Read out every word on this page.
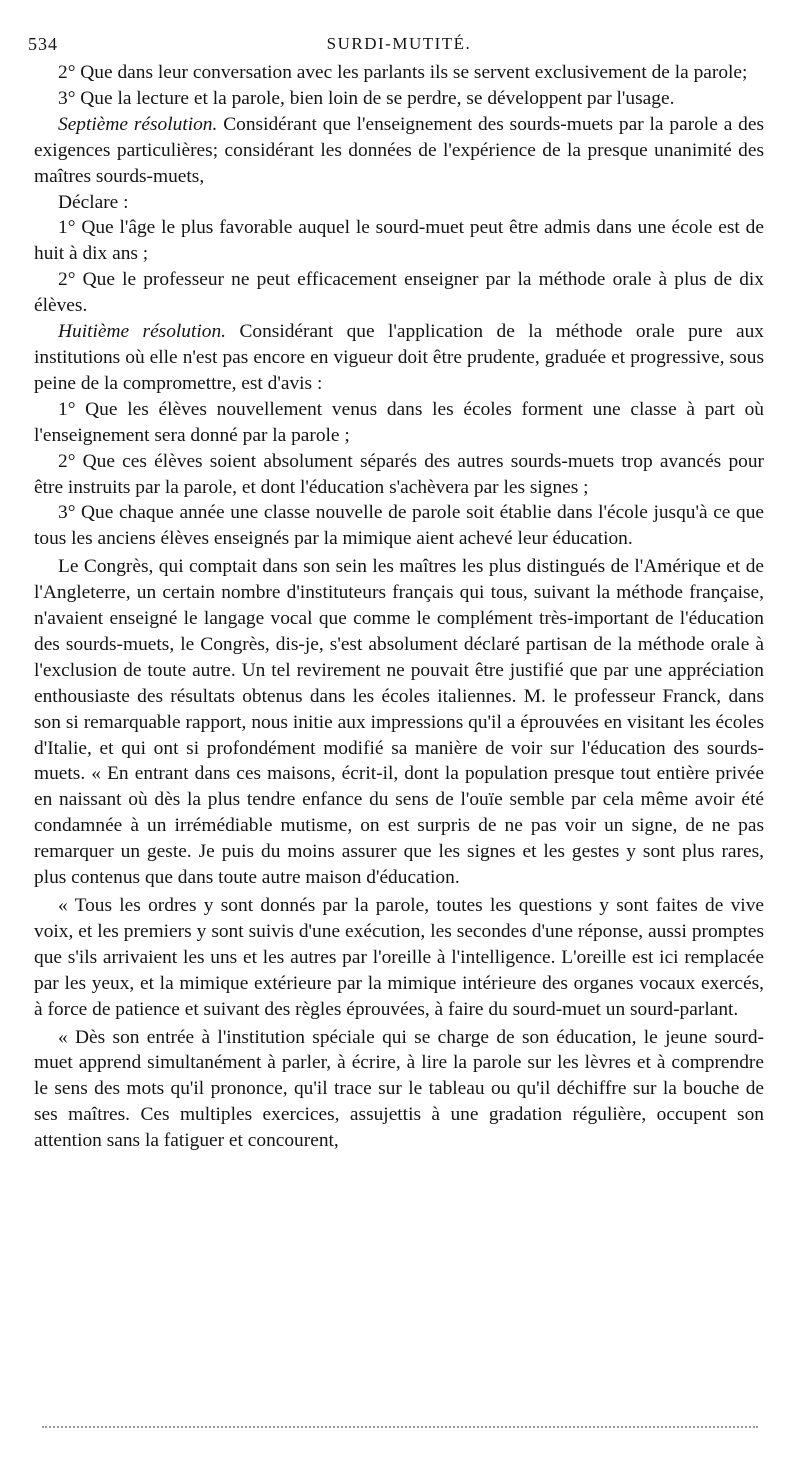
534	SURDI-MUTITÉ.

2° Que dans leur conversation avec les parlants ils se servent exclusivement de la parole;

3° Que la lecture et la parole, bien loin de se perdre, se développent par l'usage.

Septième résolution. Considérant que l'enseignement des sourds-muets par la parole a des exigences particulières; considérant les données de l'expérience de la presque unanimité des maîtres sourds-muets,

Déclare :

1° Que l'âge le plus favorable auquel le sourd-muet peut être admis dans une école est de huit à dix ans ;

2° Que le professeur ne peut efficacement enseigner par la méthode orale à plus de dix élèves.

Huitième résolution. Considérant que l'application de la méthode orale pure aux institutions où elle n'est pas encore en vigueur doit être prudente, graduée et progressive, sous peine de la compromettre, est d'avis :

1° Que les élèves nouvellement venus dans les écoles forment une classe à part où l'enseignement sera donné par la parole ;

2° Que ces élèves soient absolument séparés des autres sourds-muets trop avancés pour être instruits par la parole, et dont l'éducation s'achèvera par les signes ;

3° Que chaque année une classe nouvelle de parole soit établie dans l'école jusqu'à ce que tous les anciens élèves enseignés par la mimique aient achevé leur éducation.

Le Congrès, qui comptait dans son sein les maîtres les plus distingués de l'Amérique et de l'Angleterre, un certain nombre d'instituteurs français qui tous, suivant la méthode française, n'avaient enseigné le langage vocal que comme le complément très-important de l'éducation des sourds-muets, le Congrès, dis-je, s'est absolument déclaré partisan de la méthode orale à l'exclusion de toute autre. Un tel revirement ne pouvait être justifié que par une appréciation enthousiaste des résultats obtenus dans les écoles italiennes. M. le professeur Franck, dans son si remarquable rapport, nous initie aux impressions qu'il a éprouvées en visitant les écoles d'Italie, et qui ont si profondément modifié sa manière de voir sur l'éducation des sourds-muets. « En entrant dans ces maisons, écrit-il, dont la population presque tout entière privée en naissant où dès la plus tendre enfance du sens de l'ouïe semble par cela même avoir été condamnée à un irrémédiable mutisme, on est surpris de ne pas voir un signe, de ne pas remarquer un geste. Je puis du moins assurer que les signes et les gestes y sont plus rares, plus contenus que dans toute autre maison d'éducation.

« Tous les ordres y sont donnés par la parole, toutes les questions y sont faites de vive voix, et les premiers y sont suivis d'une exécution, les secondes d'une réponse, aussi promptes que s'ils arrivaient les uns et les autres par l'oreille à l'intelligence. L'oreille est ici remplacée par les yeux, et la mimique extérieure par la mimique intérieure des organes vocaux exercés, à force de patience et suivant des règles éprouvées, à faire du sourd-muet un sourd-parlant.

« Dès son entrée à l'institution spéciale qui se charge de son éducation, le jeune sourd-muet apprend simultanément à parler, à écrire, à lire la parole sur les lèvres et à comprendre le sens des mots qu'il prononce, qu'il trace sur le tableau ou qu'il déchiffre sur la bouche de ses maîtres. Ces multiples exercices, assujettis à une gradation régulière, occupent son attention sans la fatiguer et concourent,
